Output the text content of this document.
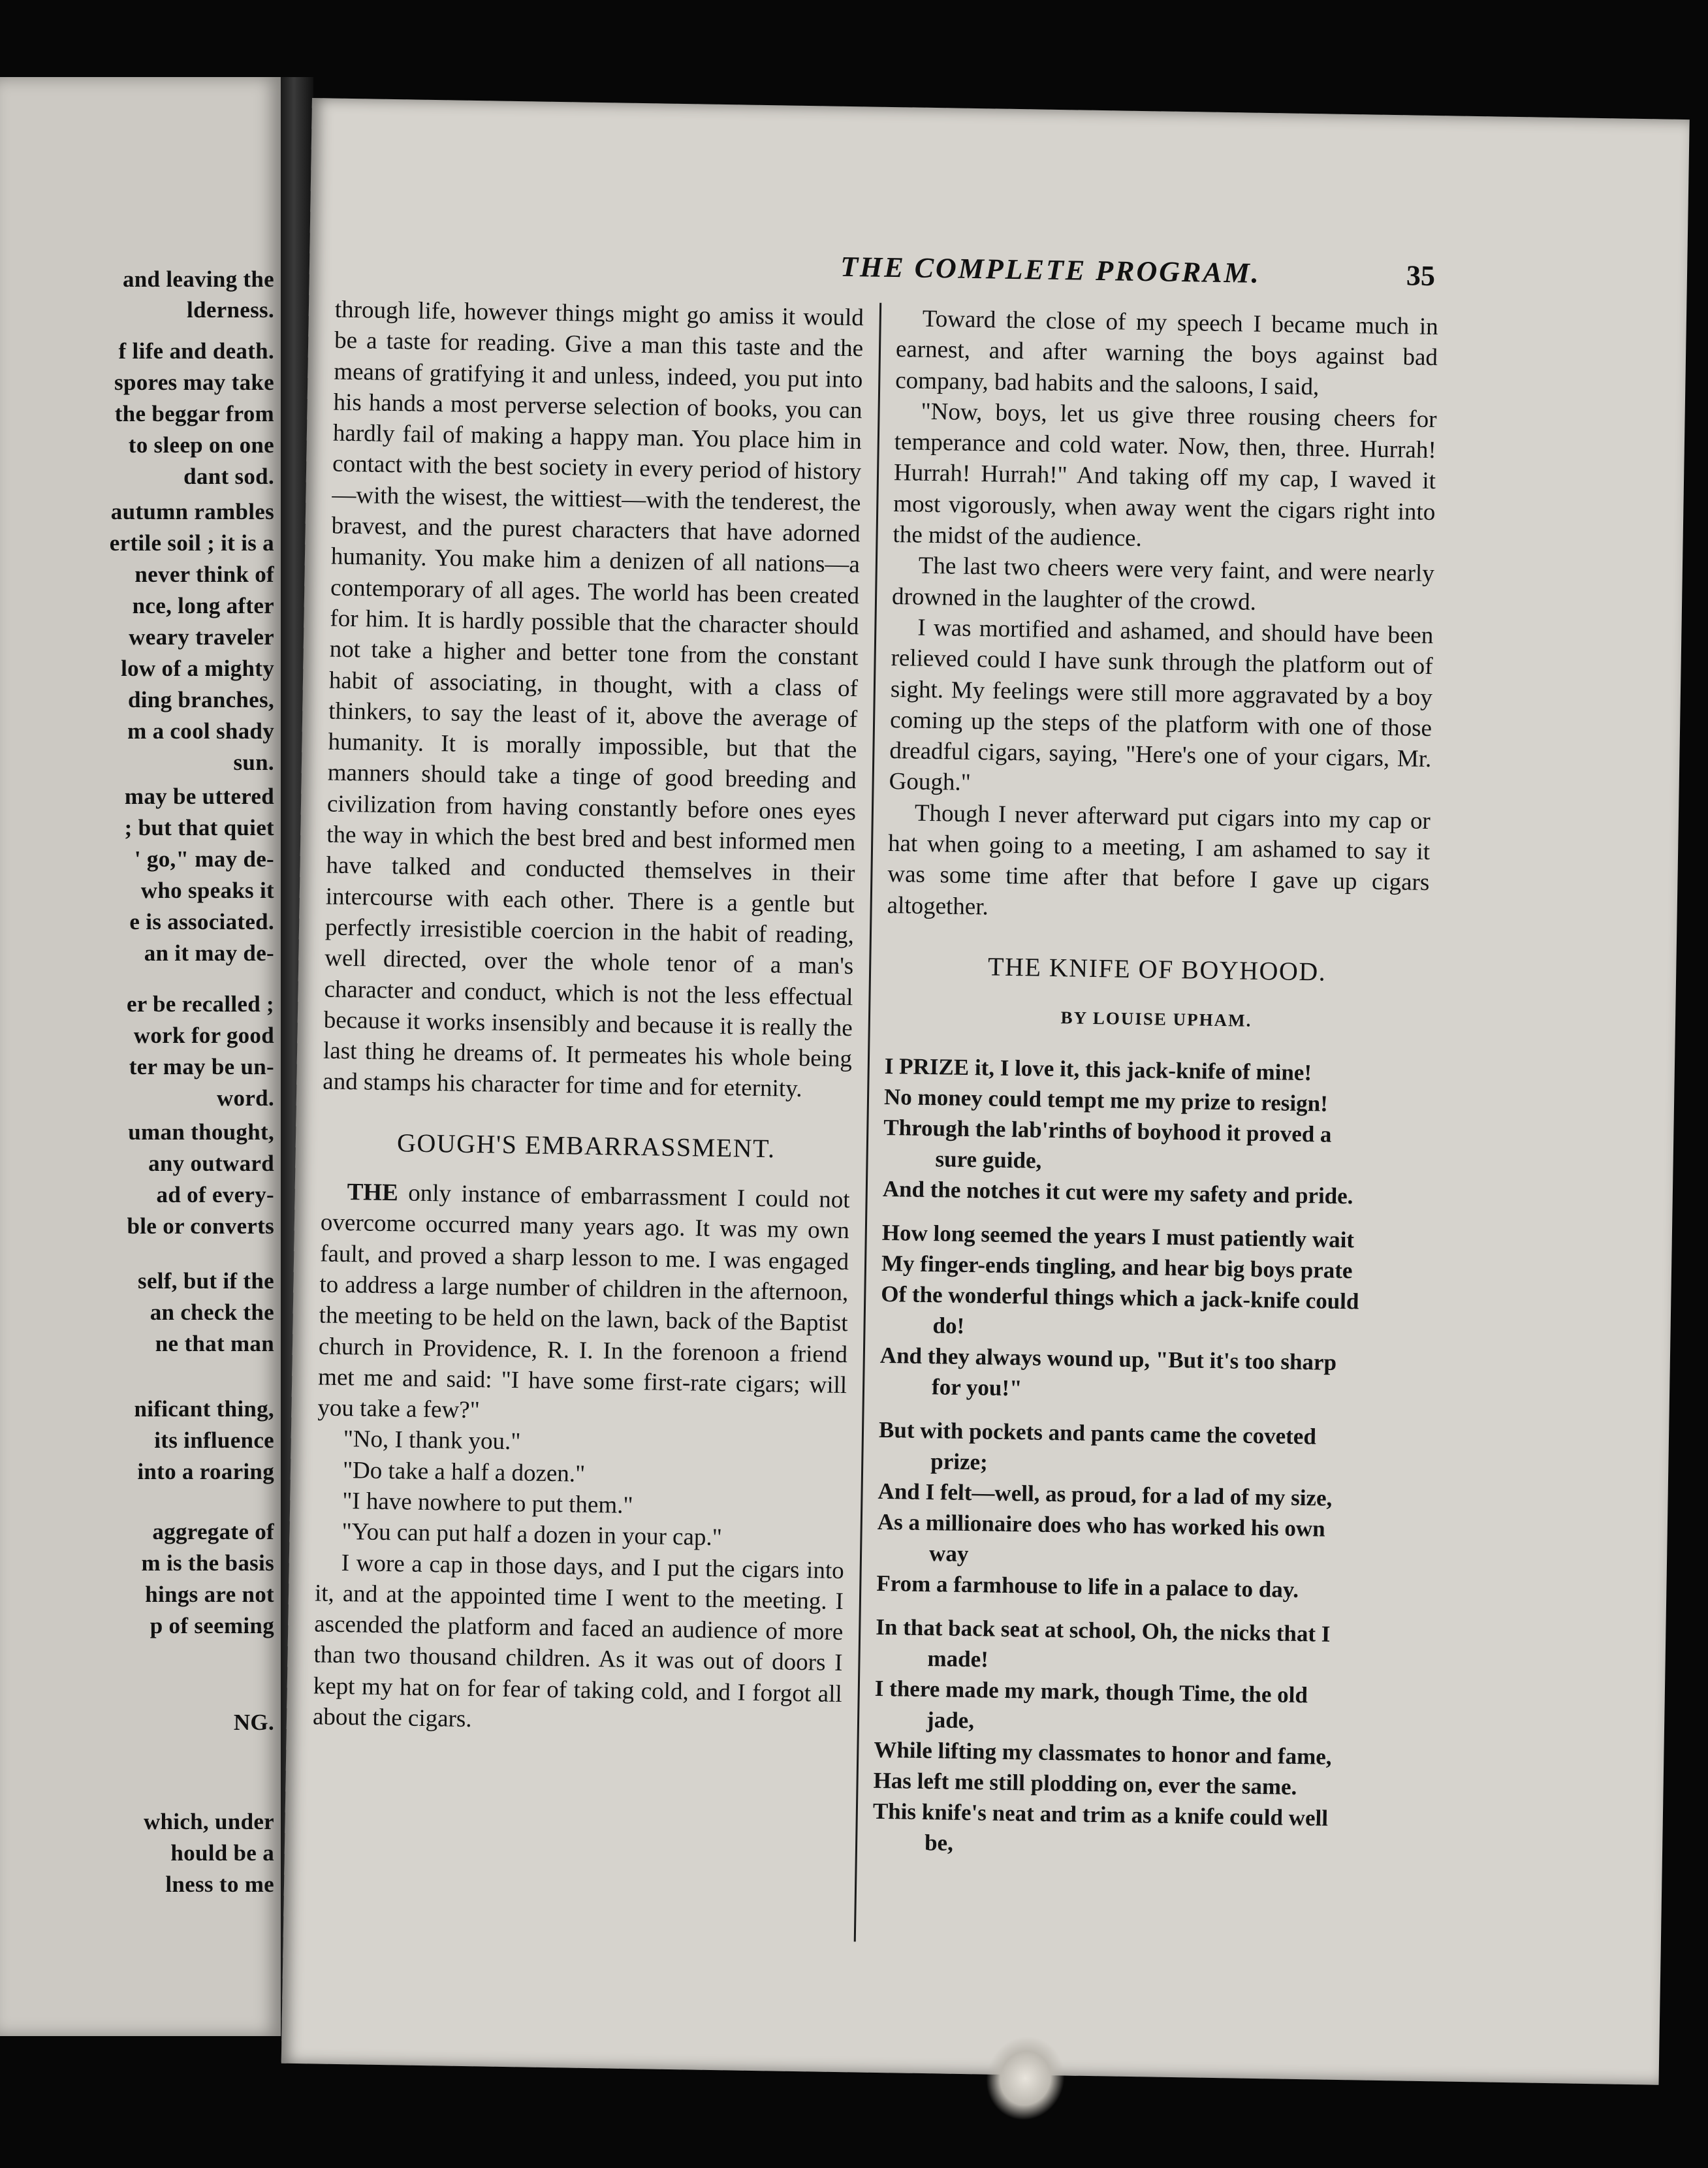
and leaving the
lderness.
f life and death.
spores may take
the beggar from
to sleep on one
dant sod.
autumn rambles
ertile soil ; it is a
never think of
nce, long after
weary traveler
low of a mighty
ding branches,
m a cool shady
sun.
may be uttered
; but that quiet
' go," may de-
who speaks it
e is associated.
an it may de-
er be recalled ;
work for good
ter may be un-
word.
uman thought,
any outward
ad of every-
ble or converts
self, but if the
an check the
ne that man
nificant thing,
its influence
into a roaring
aggregate of
m is the basis
hings are not
p of seeming
NG.
which, under
hould be a
lness to me
THE COMPLETE PROGRAM.	35

through life, however things might go amiss it would be a taste for reading. Give a man this taste and the means of gratifying it and unless, indeed, you put into his hands a most perverse selection of books, you can hardly fail of making a happy man. You place him in contact with the best society in every period of history —with the wisest, the wittiest—with the tenderest, the bravest, and the purest characters that have adorned humanity. You make him a denizen of all nations—a contemporary of all ages. The world has been created for him. It is hardly possible that the character should not take a higher and better tone from the constant habit of associating, in thought, with a class of thinkers, to say the least of it, above the average of humanity. It is morally impossible, but that the manners should take a tinge of good breeding and civilization from having constantly before ones eyes the way in which the best bred and best informed men have talked and conducted themselves in their intercourse with each other. There is a gentle but perfectly irresistible coercion in the habit of reading, well directed, over the whole tenor of a man's character and conduct, which is not the less effectual because it works insensibly and because it is really the last thing he dreams of. It permeates his whole being and stamps his character for time and for eternity.

GOUGH'S EMBARRASSMENT.

THE only instance of embarrassment I could not overcome occurred many years ago. It was my own fault, and proved a sharp lesson to me. I was engaged to address a large number of children in the afternoon, the meeting to be held on the lawn, back of the Baptist church in Providence, R. I. In the forenoon a friend met me and said: "I have some first-rate cigars; will you take a few?"

"No, I thank you."

"Do take a half a dozen."

"I have nowhere to put them."

"You can put half a dozen in your cap."

I wore a cap in those days, and I put the cigars into it, and at the appointed time I went to the meeting. I ascended the platform and faced an audience of more than two thousand children. As it was out of doors I kept my hat on for fear of taking cold, and I forgot all about the cigars.

Toward the close of my speech I became much in earnest, and after warning the boys against bad company, bad habits and the saloons, I said,

"Now, boys, let us give three rousing cheers for temperance and cold water. Now, then, three. Hurrah! Hurrah! Hurrah!" And taking off my cap, I waved it most vigorously, when away went the cigars right into the midst of the audience.

The last two cheers were very faint, and were nearly drowned in the laughter of the crowd.

I was mortified and ashamed, and should have been relieved could I have sunk through the platform out of sight. My feelings were still more aggravated by a boy coming up the steps of the platform with one of those dreadful cigars, saying, "Here's one of your cigars, Mr. Gough."

Though I never afterward put cigars into my cap or hat when going to a meeting, I am ashamed to say it was some time after that before I gave up cigars altogether.

THE KNIFE OF BOYHOOD.
BY LOUISE UPHAM.
I PRIZE it, I love it, this jack-knife of mine!
No money could tempt me my prize to resign!
Through the lab'rinths of boyhood it proved a
sure guide,
And the notches it cut were my safety and pride.
How long seemed the years I must patiently wait
My finger-ends tingling, and hear big boys prate
Of the wonderful things which a jack-knife could
do!
And they always wound up, "But it's too sharp
for you!"
But with pockets and pants came the coveted
prize;
And I felt—well, as proud, for a lad of my size,
As a millionaire does who has worked his own
way
From a farmhouse to life in a palace to day.
In that back seat at school, Oh, the nicks that I
made!
I there made my mark, though Time, the old
jade,
While lifting my classmates to honor and fame,
Has left me still plodding on, ever the same.
This knife's neat and trim as a knife could well
be,
